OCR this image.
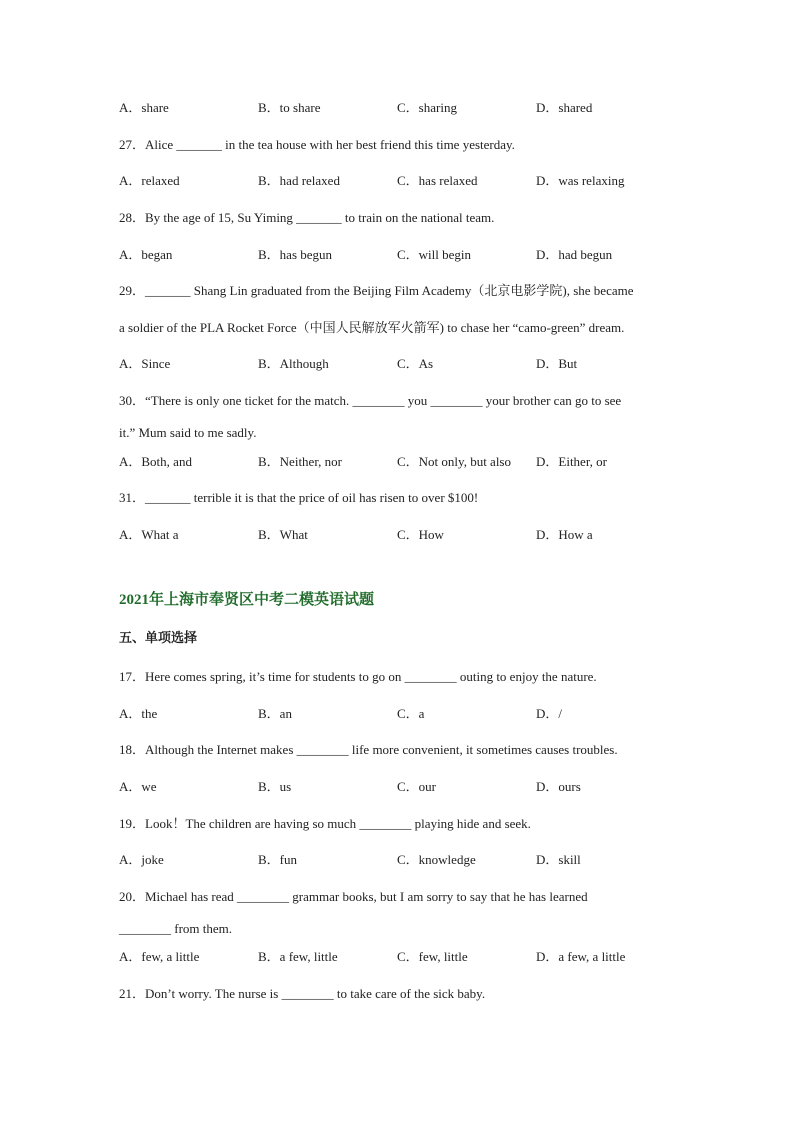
A．share	B．to share	C．sharing	D．shared
27．Alice _______ in the tea house with her best friend this time yesterday.
A．relaxed	B．had relaxed	C．has relaxed	D．was relaxing
28．By the age of 15, Su Yiming _______ to train on the national team.
A．began	B．has begun	C．will begin	D．had begun
29．_______ Shang Lin graduated from the Beijing Film Academy（北京电影学院), she became
a soldier of the PLA Rocket Force（中国人民解放军火箭军) to chase her “camo-green” dream.
A．Since	B．Although	C．As	D．But
30．“There is only one ticket for the match. ________ you ________ your brother can go to see
it.” Mum said to me sadly.
A．Both, and	B．Neither, nor	C．Not only, but also D．Either, or
31．_______ terrible it is that the price of oil has risen to over $100!
A．What a	B．What	C．How	D．How a
2021年上海市奉贤区中考二模英语试题
五、单项选择
17．Here comes spring, it’s time for students to go on ________ outing to enjoy the nature.
A．the	B．an	C．a	D．/
18．Although the Internet makes ________ life more convenient, it sometimes causes troubles.
A．we	B．us	C．our	D．ours
19．Look！The children are having so much ________ playing hide and seek.
A．joke	B．fun	C．knowledge	D．skill
20．Michael has read ________ grammar books, but I am sorry to say that he has learned
________ from them.
A．few, a little	B．a few, little	C．few, little	D．a few, a little
21．Don’t worry. The nurse is ________ to take care of the sick baby.
